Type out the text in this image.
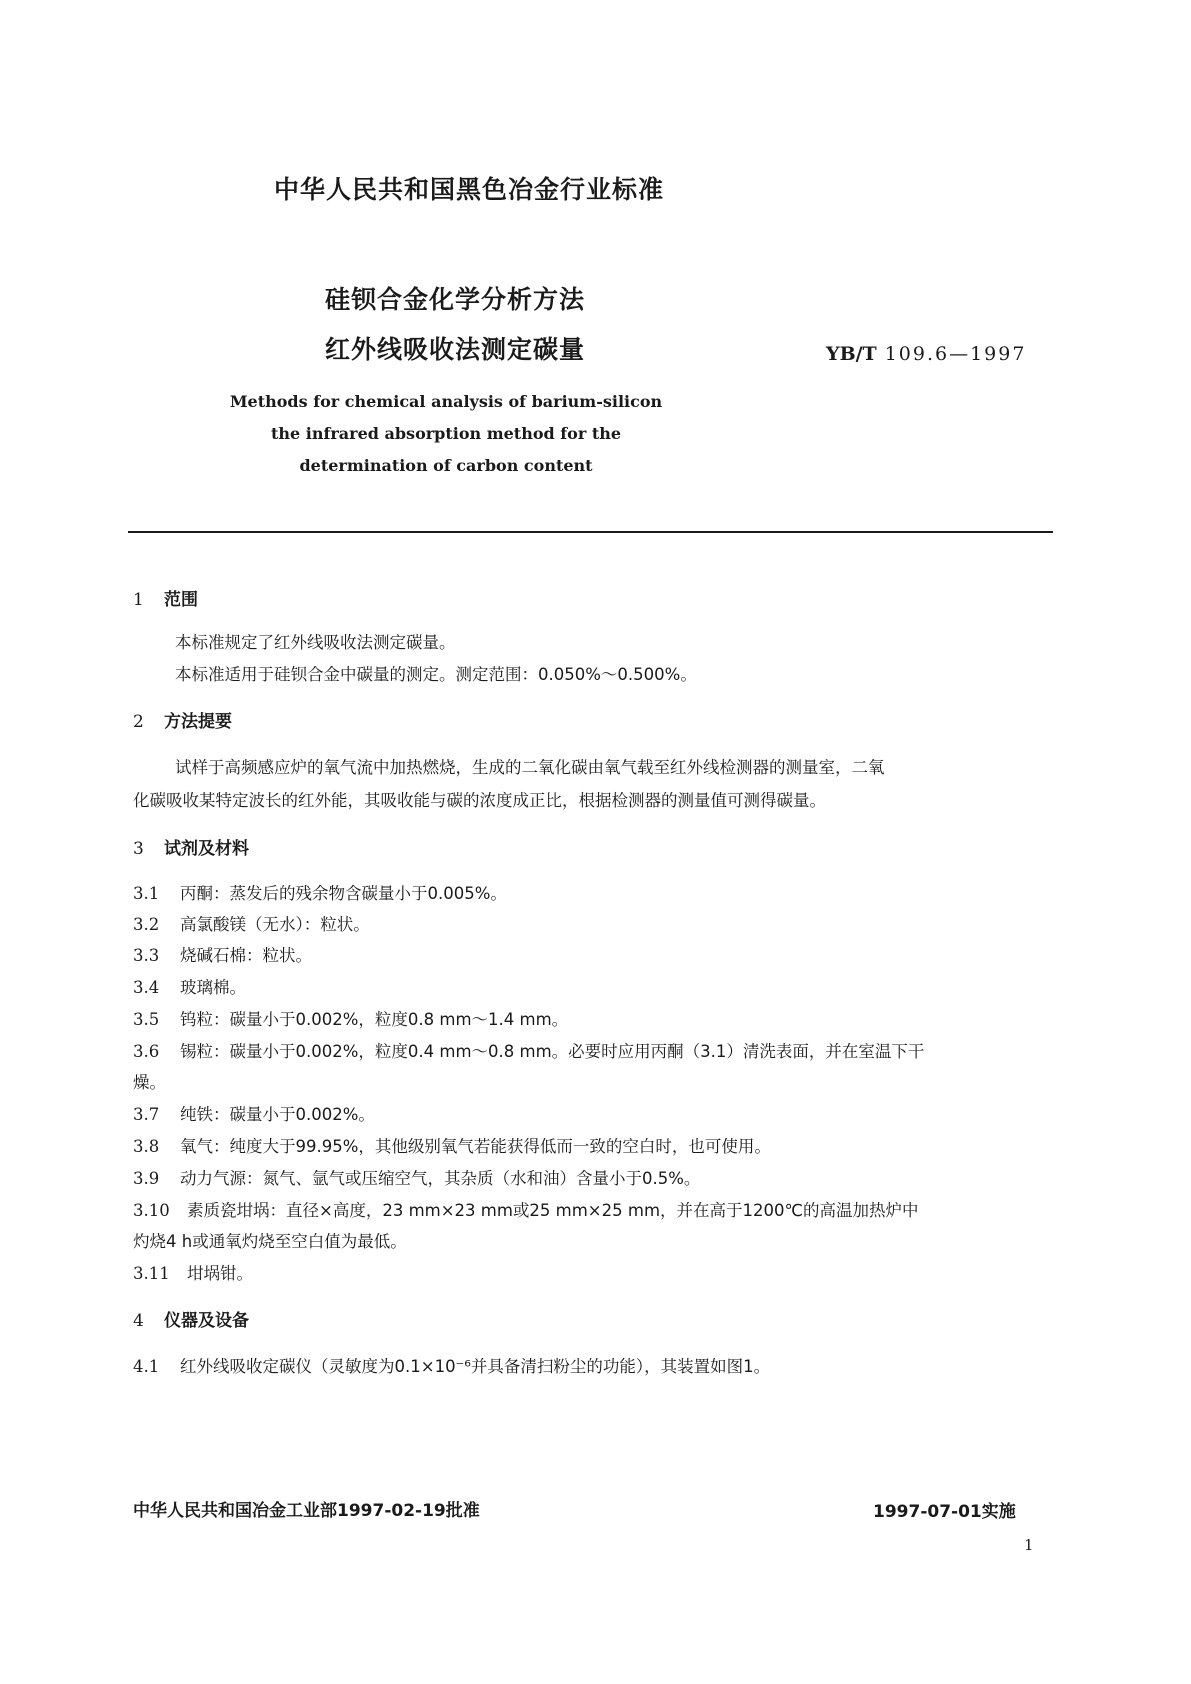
中华人民共和国黑色冶金行业标准
硅钡合金化学分析方法
红外线吸收法测定碳量	YB/T 109.6—1997
Methods for chemical analysis of barium-silicon
the infrared absorption method for the
determination of carbon content
1 范围
本标准规定了红外线吸收法测定碳量。
本标准适用于硅钡合金中碳量的测定。测定范围：0.050%～0.500%。
2 方法提要
试样于高频感应炉的氧气流中加热燃烧，生成的二氧化碳由氧气载至红外线检测器的测量室，二氧
化碳吸收某特定波长的红外能，其吸收能与碳的浓度成正比，根据检测器的测量值可测得碳量。
3 试剂及材料
3.1 丙酮：蒸发后的残余物含碳量小于0.005%。
3.2 高氯酸镁（无水）：粒状。
3.3 烧碱石棉：粒状。
3.4 玻璃棉。
3.5 钨粒：碳量小于0.002%，粒度0.8 mm～1.4 mm。
3.6 锡粒：碳量小于0.002%，粒度0.4 mm～0.8 mm。必要时应用丙酮（3.1）清洗表面，并在室温下干
燥。
3.7 纯铁：碳量小于0.002%。
3.8 氧气：纯度大于99.95%，其他级别氧气若能获得低而一致的空白时，也可使用。
3.9 动力气源：氮气、氩气或压缩空气，其杂质（水和油）含量小于0.5%。
3.10 素质瓷坩埚：直径×高度，23 mm×23 mm或25 mm×25 mm，并在高于1200℃的高温加热炉中
灼烧4 h或通氧灼烧至空白值为最低。
3.11 坩埚钳。
4 仪器及设备
4.1 红外线吸收定碳仪（灵敏度为0.1×10⁻⁶并具备清扫粉尘的功能），其装置如图1。
中华人民共和国冶金工业部1997-02-19批准	1997-07-01实施
1
